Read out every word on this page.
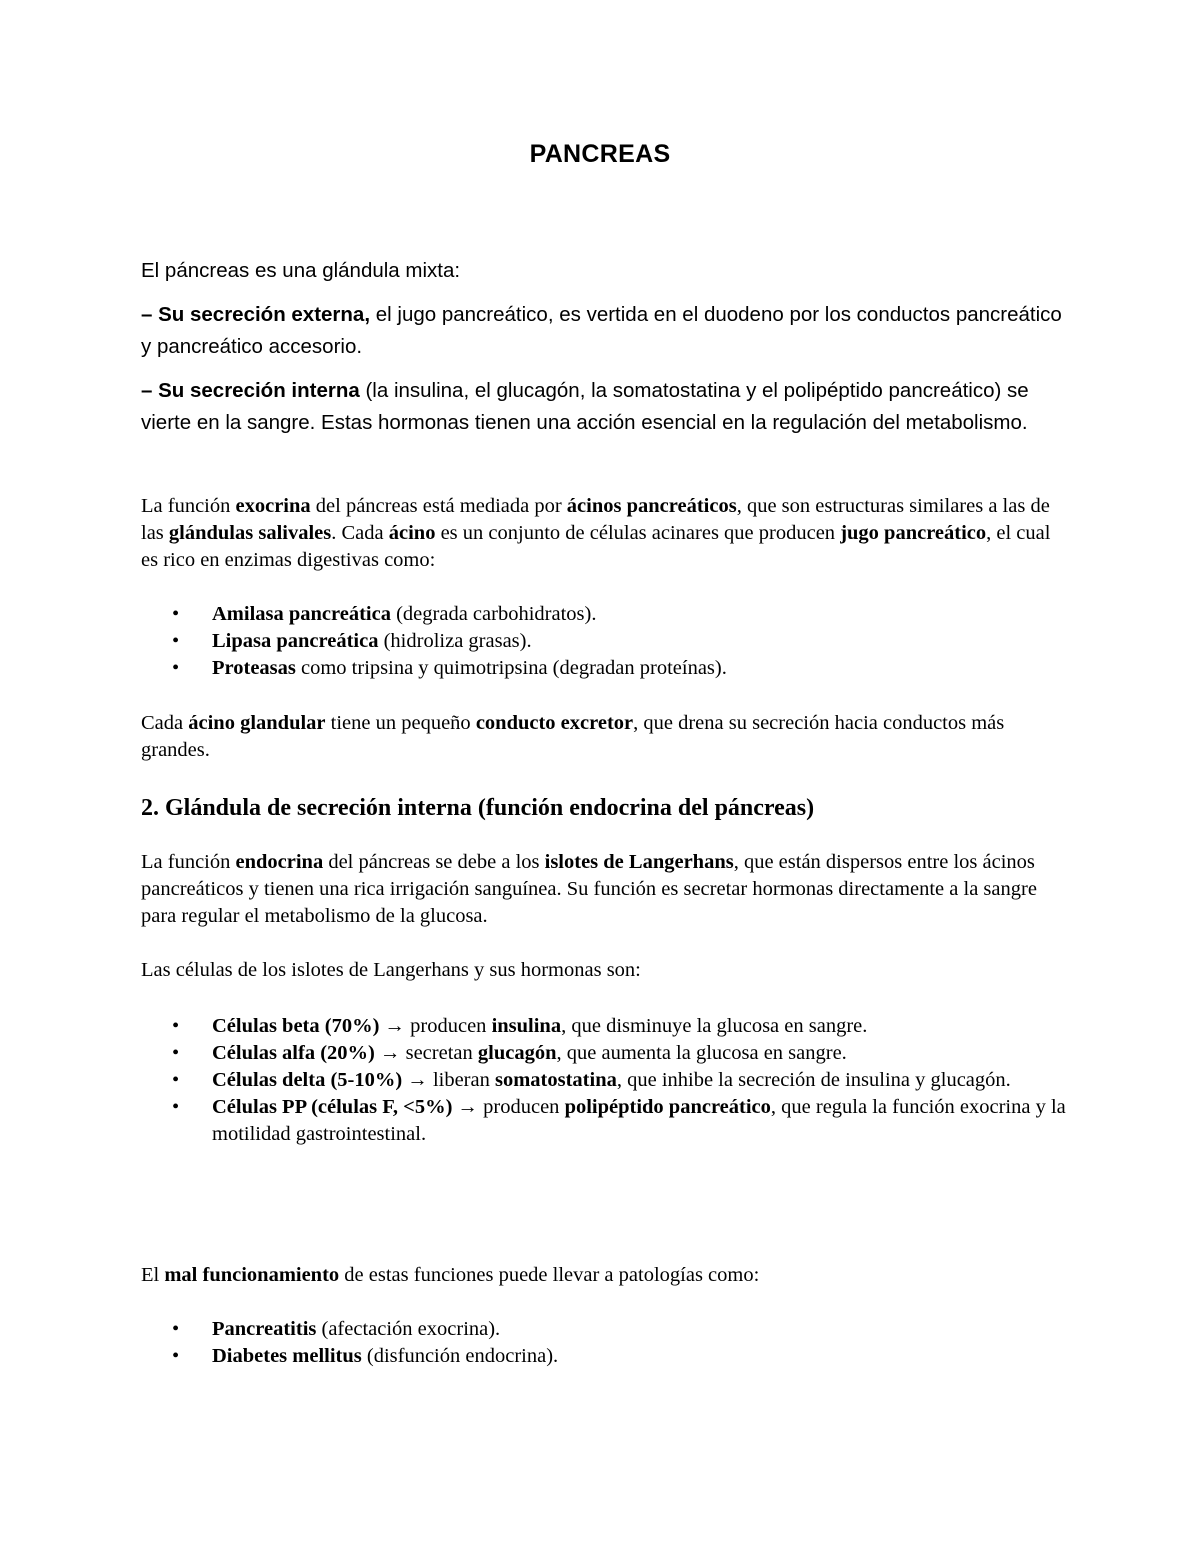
PANCREAS

El páncreas es una glándula mixta:

– Su secreción externa, el jugo pancreático, es vertida en el duodeno por los conductos pancreático y pancreático accesorio.

– Su secreción interna (la insulina, el glucagón, la somatostatina y el polipéptido pancreático) se vierte en la sangre. Estas hormonas tienen una acción esencial en la regulación del metabolismo.

La función exocrina del páncreas está mediada por ácinos pancreáticos, que son estructuras similares a las de las glándulas salivales. Cada ácino es un conjunto de células acinares que producen jugo pancreático, el cual es rico en enzimas digestivas como:

• Amilasa pancreática (degrada carbohidratos).
• Lipasa pancreática (hidroliza grasas).
• Proteasas como tripsina y quimotripsina (degradan proteínas).

Cada ácino glandular tiene un pequeño conducto excretor, que drena su secreción hacia conductos más grandes.

2. Glándula de secreción interna (función endocrina del páncreas)

La función endocrina del páncreas se debe a los islotes de Langerhans, que están dispersos entre los ácinos pancreáticos y tienen una rica irrigación sanguínea. Su función es secretar hormonas directamente a la sangre para regular el metabolismo de la glucosa.

Las células de los islotes de Langerhans y sus hormonas son:

• Células beta (70%) → producen insulina, que disminuye la glucosa en sangre.
• Células alfa (20%) → secretan glucagón, que aumenta la glucosa en sangre.
• Células delta (5-10%) → liberan somatostatina, que inhibe la secreción de insulina y glucagón.
• Células PP (células F, <5%) → producen polipéptido pancreático, que regula la función exocrina y la motilidad gastrointestinal.

El mal funcionamiento de estas funciones puede llevar a patologías como:

• Pancreatitis (afectación exocrina).
• Diabetes mellitus (disfunción endocrina).
